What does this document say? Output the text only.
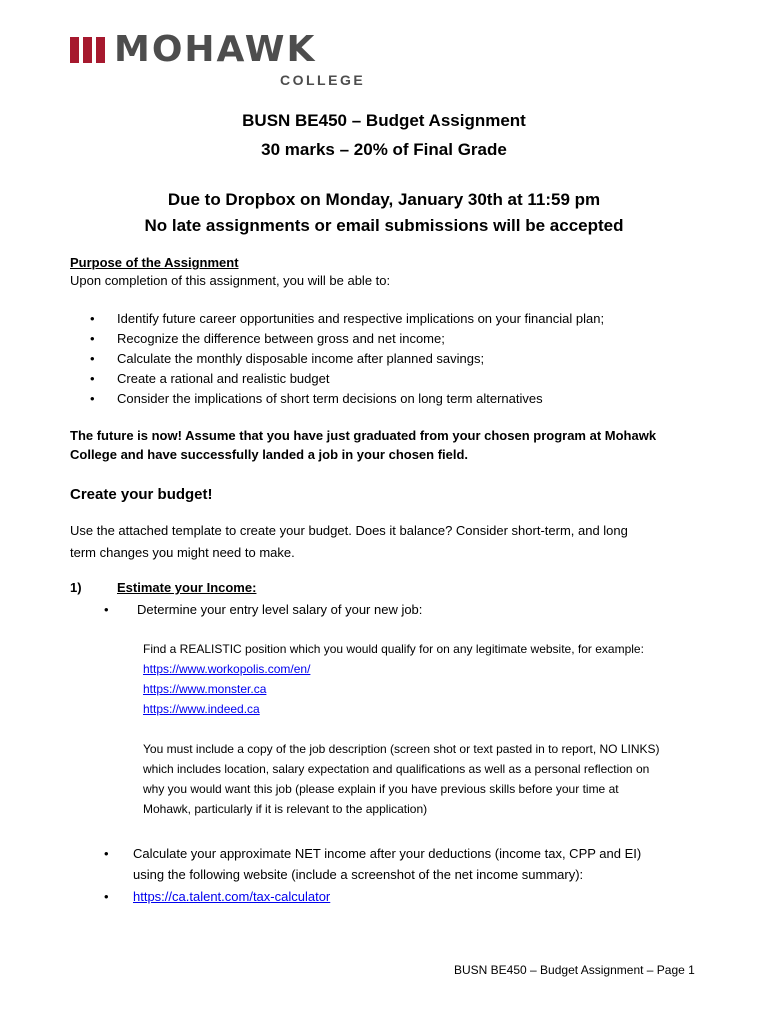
MOHAWK
COLLEGE
BUSN BE450 – Budget Assignment
30 marks – 20% of Final Grade
Due to Dropbox on Monday, January 30th at 11:59 pm
No late assignments or email submissions will be accepted
Purpose of the Assignment
Upon completion of this assignment, you will be able to:
• Identify future career opportunities and respective implications on your financial plan;
• Recognize the difference between gross and net income;
• Calculate the monthly disposable income after planned savings;
• Create a rational and realistic budget
• Consider the implications of short term decisions on long term alternatives
The future is now! Assume that you have just graduated from your chosen program at Mohawk
College and have successfully landed a job in your chosen field.
Create your budget!
Use the attached template to create your budget. Does it balance? Consider short-term, and long
term changes you might need to make.
1)	Estimate your Income:
• Determine your entry level salary of your new job:
Find a REALISTIC position which you would qualify for on any legitimate website, for example:
https://www.workopolis.com/en/
https://www.monster.ca
https://www.indeed.ca
You must include a copy of the job description (screen shot or text pasted in to report, NO LINKS)
which includes location, salary expectation and qualifications as well as a personal reflection on
why you would want this job (please explain if you have previous skills before your time at
Mohawk, particularly if it is relevant to the application)
• Calculate your approximate NET income after your deductions (income tax, CPP and EI)
using the following website (include a screenshot of the net income summary):
• https://ca.talent.com/tax-calculator
BUSN BE450 – Budget Assignment – Page 1
